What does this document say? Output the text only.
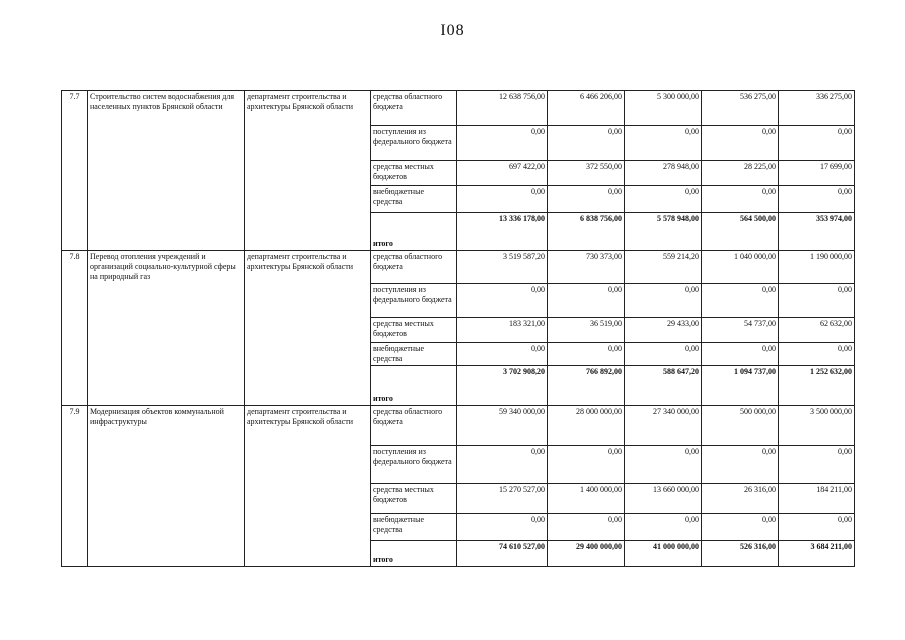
I08
7.7	Строительство систем водоснабжения для населенных пунктов Брянской области	департамент строительства и архитектуры Брянской области	средства областного бюджета	12 638 756,00	6 466 206,00	5 300 000,00	536 275,00	336 275,00
			поступления из федерального бюджета	0,00	0,00	0,00	0,00	0,00
			средства местных бюджетов	697 422,00	372 550,00	278 948,00	28 225,00	17 699,00
			внебюджетные средства	0,00	0,00	0,00	0,00	0,00
			итого	13 336 178,00	6 838 756,00	5 578 948,00	564 500,00	353 974,00
7.8	Перевод отопления учреждений и организаций социально-культурной сферы на природный газ	департамент строительства и архитектуры Брянской области	средства областного бюджета	3 519 587,20	730 373,00	559 214,20	1 040 000,00	1 190 000,00
			поступления из федерального бюджета	0,00	0,00	0,00	0,00	0,00
			средства местных бюджетов	183 321,00	36 519,00	29 433,00	54 737,00	62 632,00
			внебюджетные средства	0,00	0,00	0,00	0,00	0,00
			итого	3 702 908,20	766 892,00	588 647,20	1 094 737,00	1 252 632,00
7.9	Модернизация объектов коммунальной инфраструктуры	департамент строительства и архитектуры Брянской области	средства областного бюджета	59 340 000,00	28 000 000,00	27 340 000,00	500 000,00	3 500 000,00
			поступления из федерального бюджета	0,00	0,00	0,00	0,00	0,00
			средства местных бюджетов	15 270 527,00	1 400 000,00	13 660 000,00	26 316,00	184 211,00
			внебюджетные средства	0,00	0,00	0,00	0,00	0,00
			итого	74 610 527,00	29 400 000,00	41 000 000,00	526 316,00	3 684 211,00
